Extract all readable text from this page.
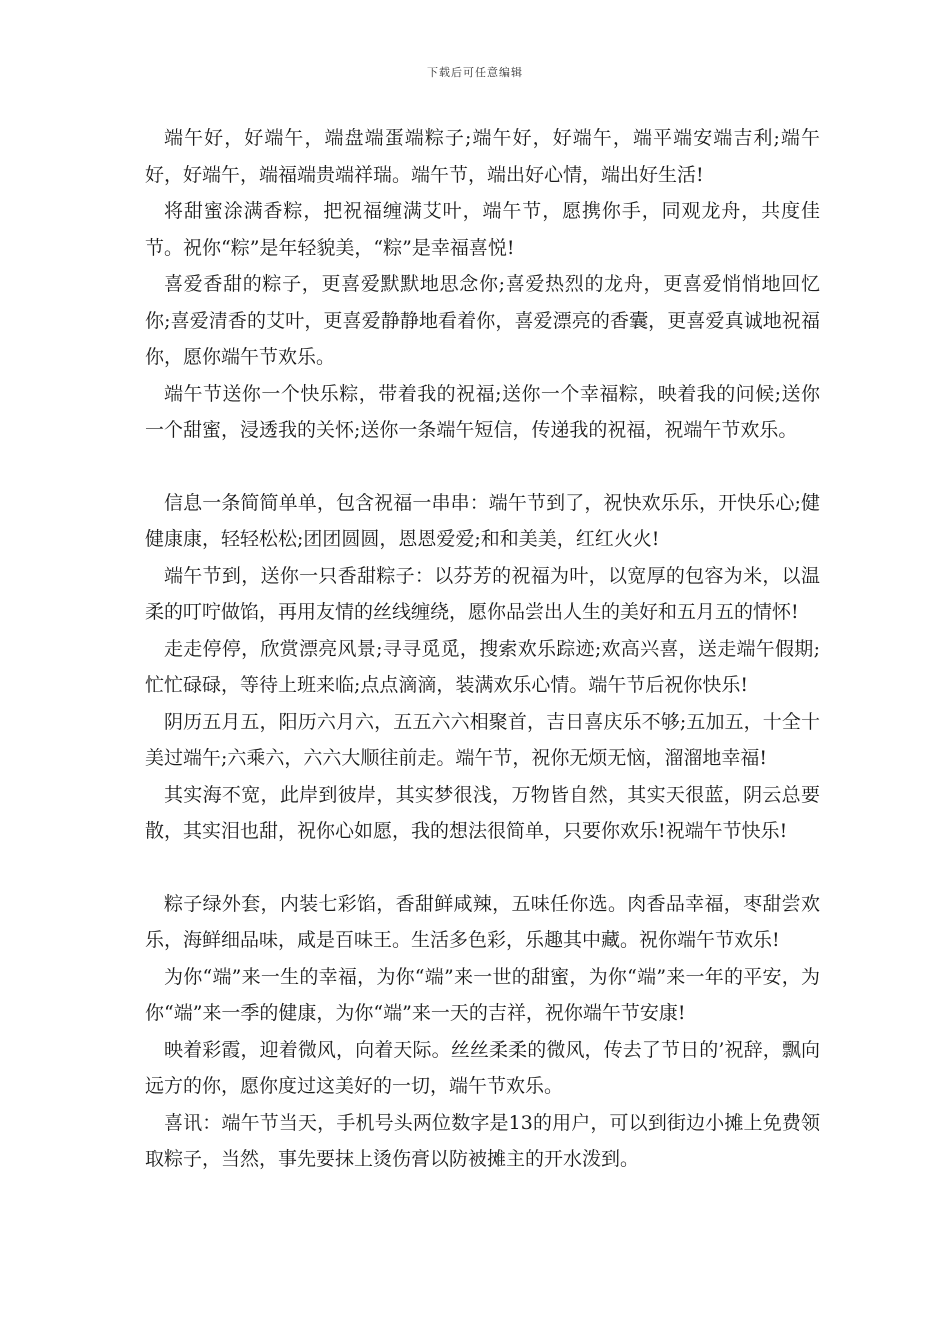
下载后可任意编辑

端午好，好端午，端盘端蛋端粽子;端午好，好端午，端平端安端吉利;端午好，好端午，端福端贵端祥瑞。端午节，端出好心情，端出好生活!

将甜蜜涂满香粽，把祝福缠满艾叶，端午节，愿携你手，同观龙舟，共度佳节。祝你“粽”是年轻貌美，“粽”是幸福喜悦!

喜爱香甜的粽子，更喜爱默默地思念你;喜爱热烈的龙舟，更喜爱悄悄地回忆你;喜爱清香的艾叶，更喜爱静静地看着你，喜爱漂亮的香囊，更喜爱真诚地祝福你，愿你端午节欢乐。

端午节送你一个快乐粽，带着我的祝福;送你一个幸福粽，映着我的问候;送你一个甜蜜，浸透我的关怀;送你一条端午短信，传递我的祝福，祝端午节欢乐。

信息一条简简单单，包含祝福一串串：端午节到了，祝快欢乐乐，开快乐心;健健康康，轻轻松松;团团圆圆，恩恩爱爱;和和美美，红红火火!

端午节到，送你一只香甜粽子：以芬芳的祝福为叶，以宽厚的包容为米，以温柔的叮咛做馅，再用友情的丝线缠绕，愿你品尝出人生的美好和五月五的情怀!

走走停停，欣赏漂亮风景;寻寻觅觅，搜索欢乐踪迹;欢高兴喜，送走端午假期;忙忙碌碌，等待上班来临;点点滴滴，装满欢乐心情。端午节后祝你快乐!

阴历五月五，阳历六月六，五五六六相聚首，吉日喜庆乐不够;五加五，十全十美过端午;六乘六，六六大顺往前走。端午节，祝你无烦无恼，溜溜地幸福!

其实海不宽，此岸到彼岸，其实梦很浅，万物皆自然，其实天很蓝，阴云总要散，其实泪也甜，祝你心如愿，我的想法很简单，只要你欢乐!祝端午节快乐!

粽子绿外套，内装七彩馅，香甜鲜咸辣，五味任你选。肉香品幸福，枣甜尝欢乐，海鲜细品味，咸是百味王。生活多色彩，乐趣其中藏。祝你端午节欢乐!

为你“端”来一生的幸福，为你“端”来一世的甜蜜，为你“端”来一年的平安，为你“端”来一季的健康，为你“端”来一天的吉祥，祝你端午节安康!

映着彩霞，迎着微风，向着天际。丝丝柔柔的微风，传去了节日的’祝辞，飘向远方的你，愿你度过这美好的一切，端午节欢乐。

喜讯：端午节当天，手机号头两位数字是13的用户，可以到街边小摊上免费领取粽子，当然，事先要抹上烫伤膏以防被摊主的开水泼到。
